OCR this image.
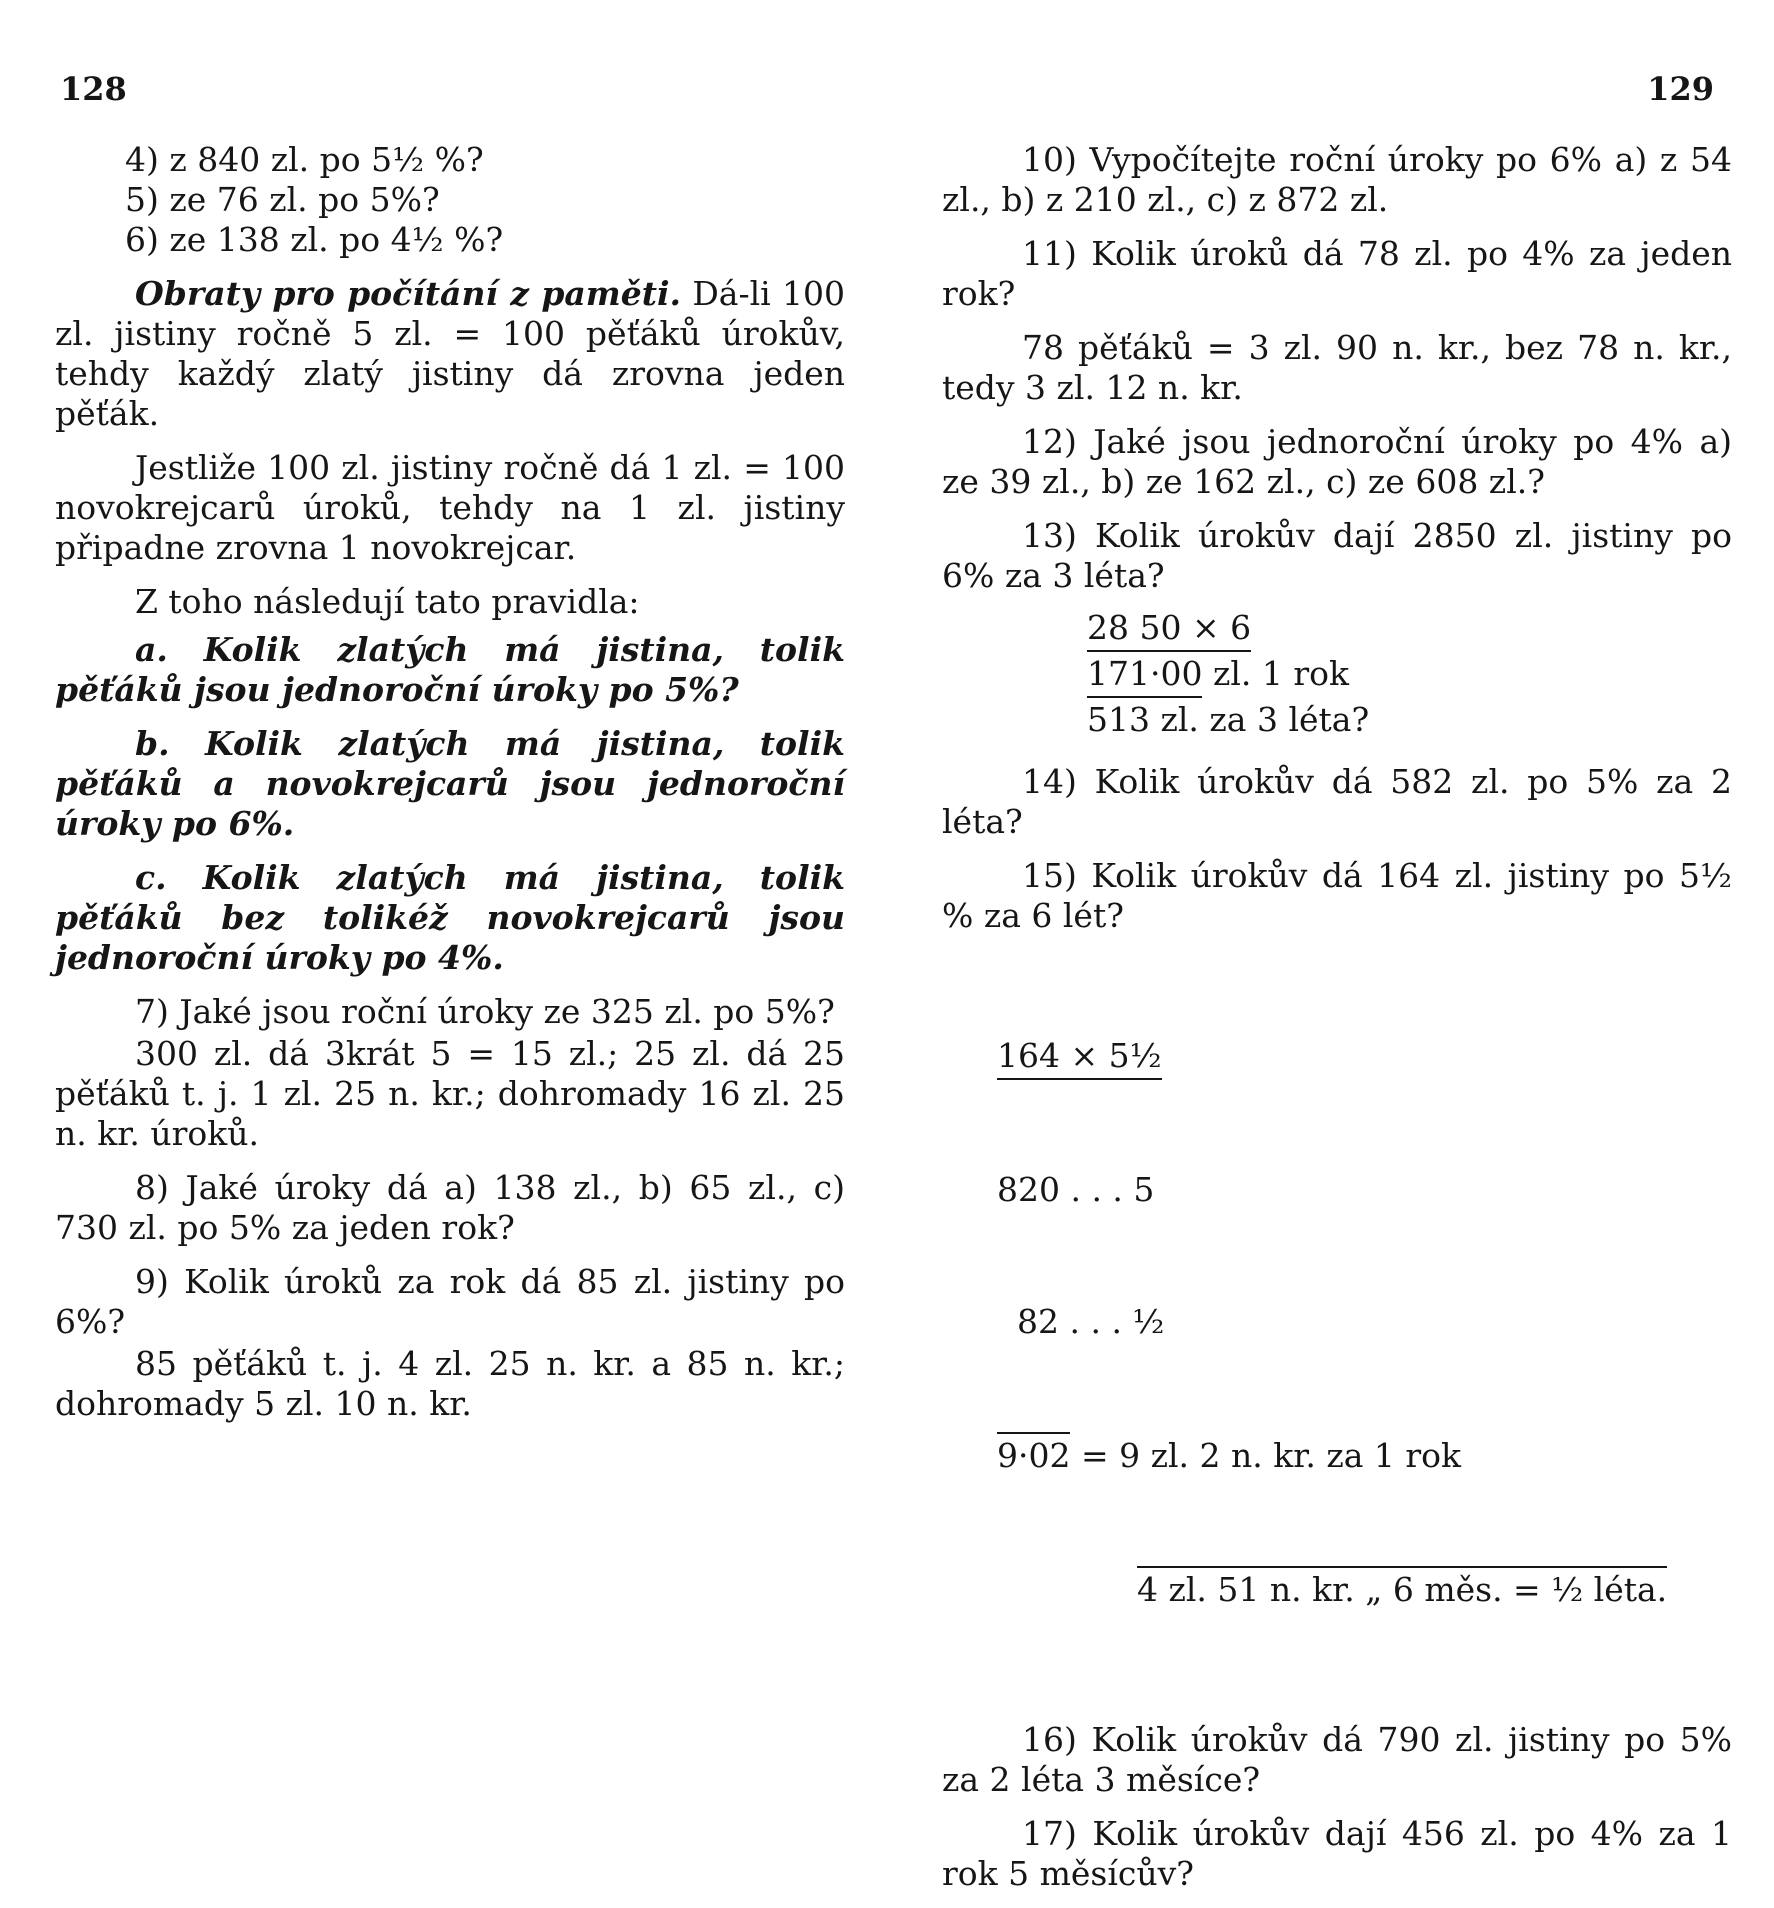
128
4) z 840 zl. po 5½ %?
5) ze 76 zl. po 5%?
6) ze 138 zl. po 4½ %?
Obraty pro počítání z paměti. Dá-li 100 zl. jistiny ročně 5 zl. = 100 pěťáků úrokův, tehdy každý zlatý jistiny dá zrovna jeden pěťák.
Jestliže 100 zl. jistiny ročně dá 1 zl. = 100 novokrejcarů úroků, tehdy na 1 zl. jistiny připadne zrovna 1 novokrejcar.
Z toho následují tato pravidla:
a. Kolik zlatých má jistina, tolik pěťáků jsou jednoroční úroky po 5%?
b. Kolik zlatých má jistina, tolik pěťáků a novokrejcarů jsou jednoroční úroky po 6%.
c. Kolik zlatých má jistina, tolik pěťáků bez tolikéž novokrejcarů jsou jednoroční úroky po 4%.
7) Jaké jsou roční úroky ze 325 zl. po 5%?
300 zl. dá 3krát 5 = 15 zl.; 25 zl. dá 25 pěťáků t. j. 1 zl. 25 n. kr.; dohromady 16 zl. 25 n. kr. úroků.
8) Jaké úroky dá a) 138 zl., b) 65 zl., c) 730 zl. po 5% za jeden rok?
9) Kolik úroků za rok dá 85 zl. jistiny po 6%?
85 pěťáků t. j. 4 zl. 25 n. kr. a 85 n. kr.; dohromady 5 zl. 10 n. kr.
129
10) Vypočítejte roční úroky po 6% a) z 54 zl., b) z 210 zl., c) z 872 zl.
11) Kolik úroků dá 78 zl. po 4% za jeden rok?
78 pěťáků = 3 zl. 90 n. kr., bez 78 n. kr., tedy 3 zl. 12 n. kr.
12) Jaké jsou jednoroční úroky po 4% a) ze 39 zl., b) ze 162 zl., c) ze 608 zl.?
13) Kolik úrokův dají 2850 zl. jistiny po 6% za 3 léta?
28 50 × 6
171·00 zl. 1 rok
513 zl. za 3 léta?
14) Kolik úrokův dá 582 zl. po 5% za 2 léta?
15) Kolik úrokův dá 164 zl. jistiny po 5½ % za 6 lét?

164 × 5½

820 . . . 5

82 . . . ½

9·02 = 9 zl. 2 n. kr. za 1 rok

4 zl. 51 n. kr. „ 6 měs. = ½ léta.

16) Kolik úrokův dá 790 zl. jistiny po 5% za 2 léta 3 měsíce?
17) Kolik úrokův dají 456 zl. po 4% za 1 rok 5 měsícův?
